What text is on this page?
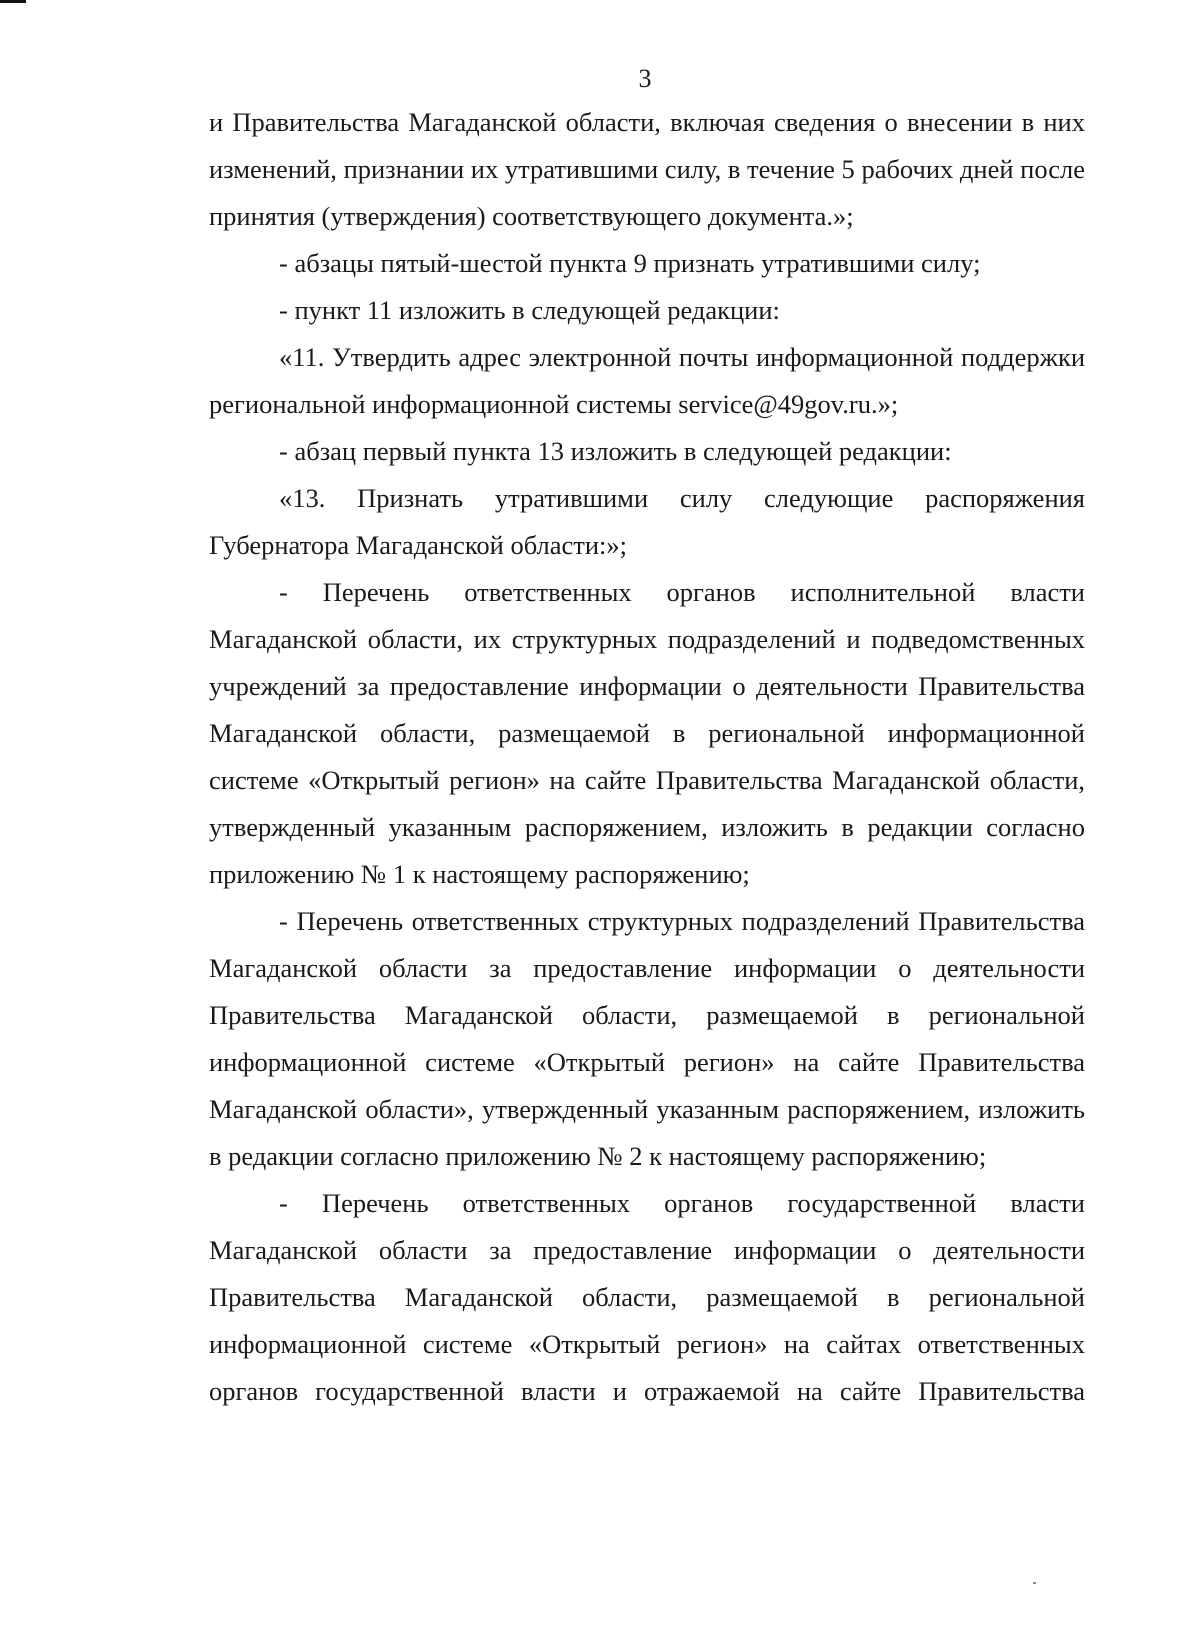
3

и Правительства Магаданской области, включая сведения о внесении в них изменений, признании их утратившими силу, в течение 5 рабочих дней после принятия (утверждения) соответствующего документа.»;

- абзацы пятый-шестой пункта 9 признать утратившими силу;

- пункт 11 изложить в следующей редакции:

«11. Утвердить адрес электронной почты информационной поддержки региональной информационной системы service@49gov.ru.»;

- абзац первый пункта 13 изложить в следующей редакции:

«13. Признать утратившими силу следующие распоряжения Губернатора Магаданской области:»;

- Перечень ответственных органов исполнительной власти Магаданской области, их структурных подразделений и подведомственных учреждений за предоставление информации о деятельности Правительства Магаданской области, размещаемой в региональной информационной системе «Открытый регион» на сайте Правительства Магаданской области, утвержденный указанным распоряжением, изложить в редакции согласно приложению № 1 к настоящему распоряжению;

- Перечень ответственных структурных подразделений Правительства Магаданской области за предоставление информации о деятельности Правительства Магаданской области, размещаемой в региональной информационной системе «Открытый регион» на сайте Правительства Магаданской области», утвержденный указанным распоряжением, изложить в редакции согласно приложению № 2 к настоящему распоряжению;

- Перечень ответственных органов государственной власти Магаданской области за предоставление информации о деятельности Правительства Магаданской области, размещаемой в региональной информационной системе «Открытый регион» на сайтах ответственных органов государственной власти и отражаемой на сайте Правительства
